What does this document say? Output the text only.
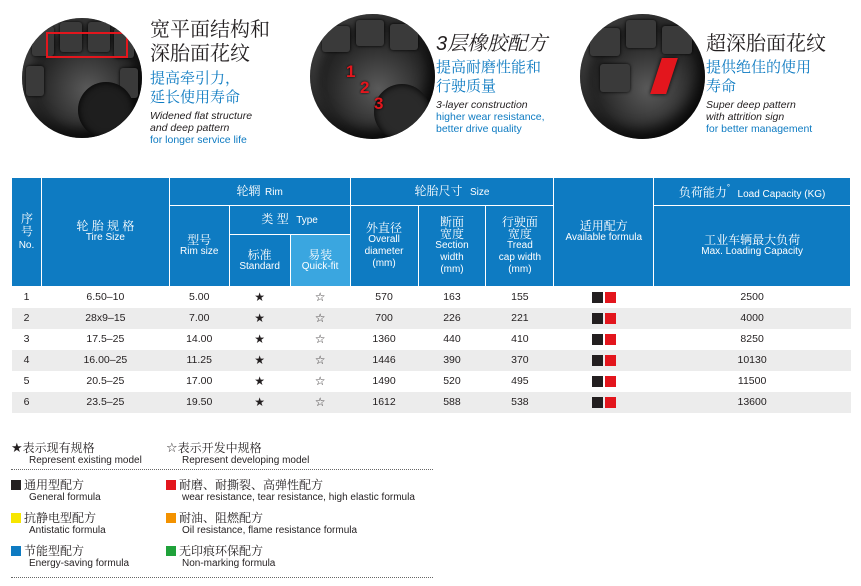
宽平面结构和
深胎面花纹
提高牵引力，
延长使用寿命
Widened flat structure
and deep pattern
for longer service life
1
2
3
3层橡胶配方
提高耐磨性能和
行驶质量
3-layer construction
higher wear resistance,
better drive quality
超深胎面花纹
提供绝佳的使用
寿命
Super deep pattern
with attrition sign
for better management
序号
No.	轮 胎 规 格
Tire Size	轮辋 Rim			轮胎尺寸 Size			适用配方
Available formula	负荷能力° Load Capacity (KG)

		型号
Rim size	类 型 Type		外直径
Overall
diameter
(mm)	断面
宽度
Section
width
(mm)	行驶面
宽度
Tread
cap width
(mm)		工业车辆最大负荷
Max. Loading Capacity

			标准
Standard	易装
Quick-fit					

1	6.50–10	5.00	★	☆	570	163	155		2500
2	28x9–15	7.00	★	☆	700	226	221		4000
3	17.5–25	14.00	★	☆	1360	440	410		8250
4	16.00–25	11.25	★	☆	1446	390	370		10130
5	20.5–25	17.00	★	☆	1490	520	495		11500
6	23.5–25	19.50	★	☆	1612	588	538		13600
★表示现有规格
Represent existing model
☆表示开发中规格
Represent developing model
通用型配方
General formula
耐磨、耐撕裂、高弹性配方
wear resistance, tear resistance, high elastic formula
抗静电型配方
Antistatic formula
耐油、阻燃配方
Oil resistance, flame resistance formula
节能型配方
Energy-saving formula
无印痕环保配方
Non-marking formula
